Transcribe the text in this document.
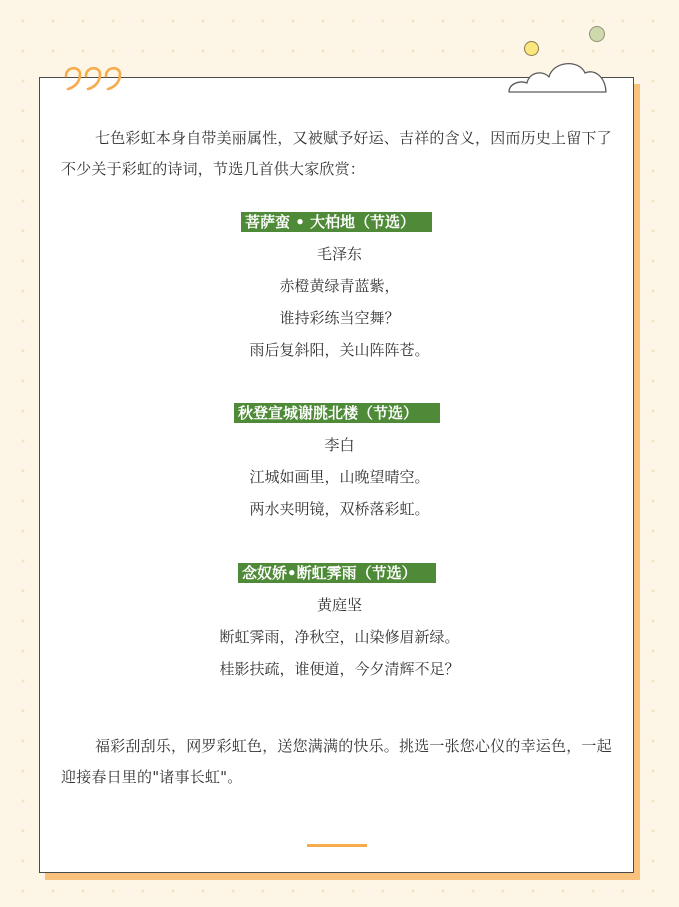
七色彩虹本身自带美丽属性，又被赋予好运、吉祥的含义，因而历史上留下了不少关于彩虹的诗词，节选几首供大家欣赏：

菩萨蛮 • 大柏地（节选）

毛泽东

赤橙黄绿青蓝紫，

谁持彩练当空舞？

雨后复斜阳，关山阵阵苍。

秋登宣城谢朓北楼（节选）

李白

江城如画里，山晚望晴空。

两水夹明镜，双桥落彩虹。

念奴娇•断虹霁雨（节选）

黄庭坚

断虹霁雨，净秋空，山染修眉新绿。

桂影扶疏，谁便道，今夕清辉不足？

福彩刮刮乐，网罗彩虹色，送您满满的快乐。挑选一张您心仪的幸运色，一起迎接春日里的"诸事长虹"。
